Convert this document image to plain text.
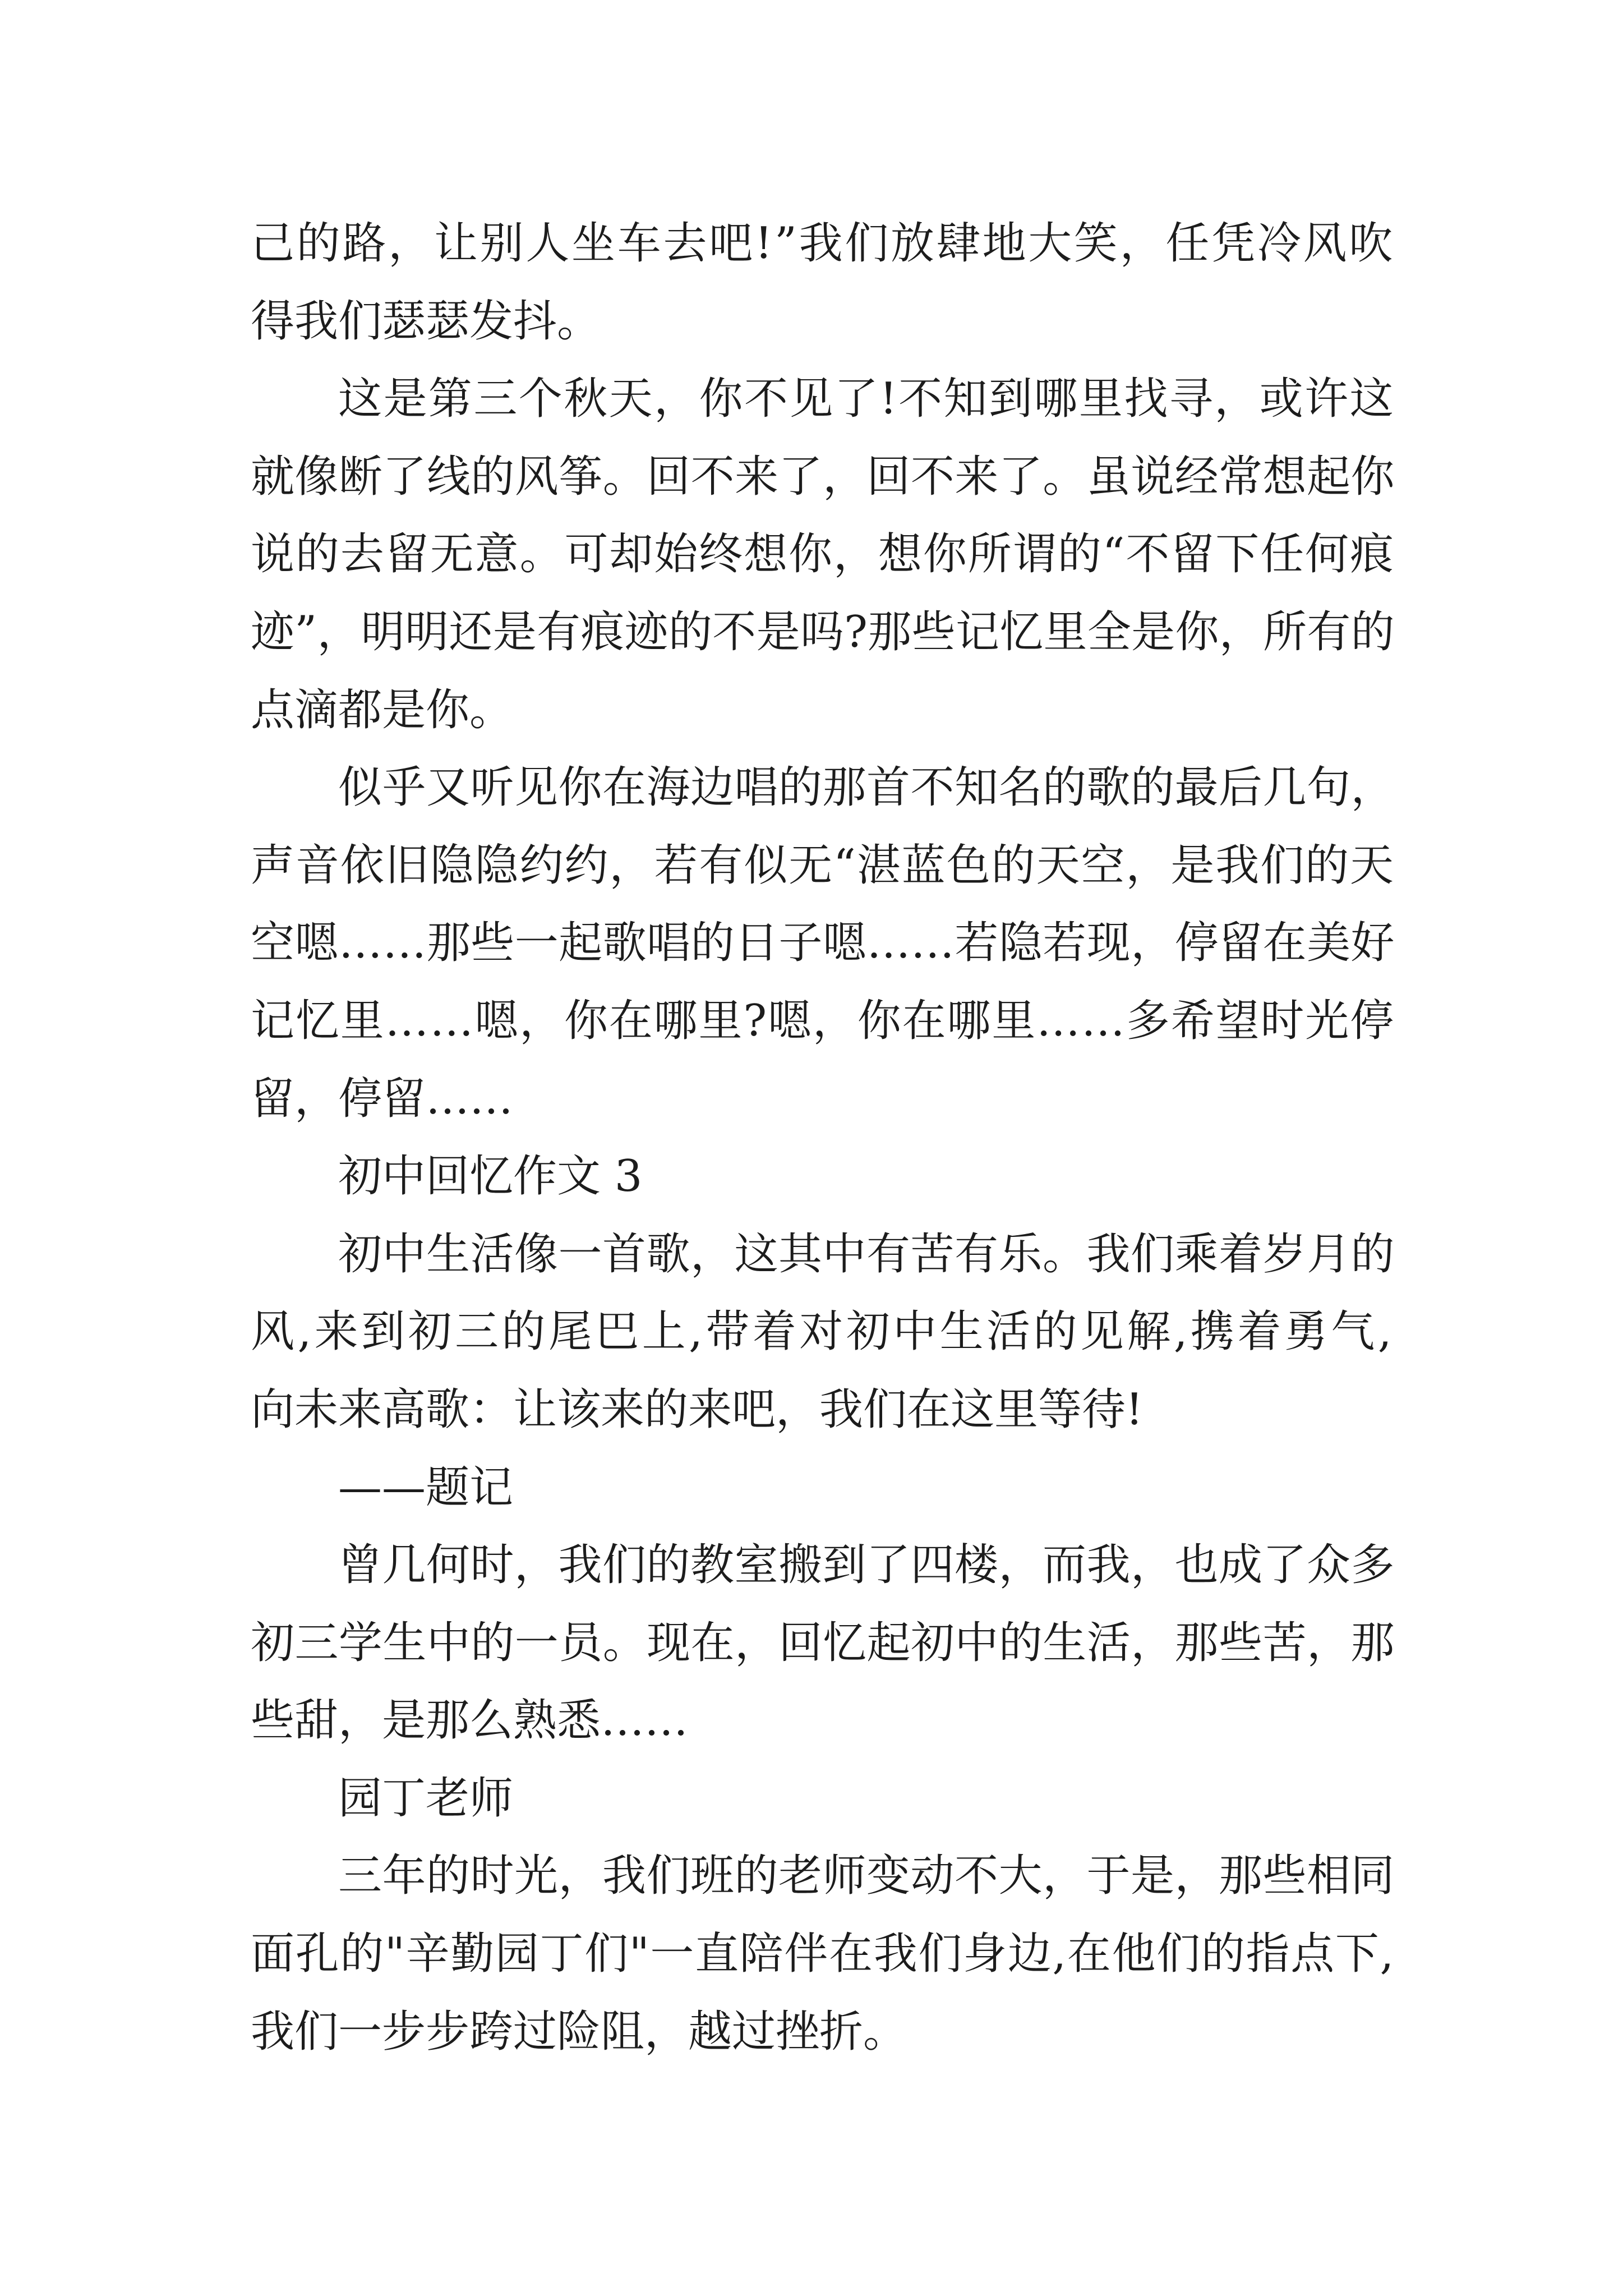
己的路，让别人坐车去吧!”我们放肆地大笑，任凭冷风吹
得我们瑟瑟发抖。
这是第三个秋天，你不见了!不知到哪里找寻，或许这
就像断了线的风筝。回不来了，回不来了。虽说经常想起你
说的去留无意。可却始终想你，想你所谓的“不留下任何痕
迹”，明明还是有痕迹的不是吗?那些记忆里全是你，所有的
点滴都是你。
似乎又听见你在海边唱的那首不知名的歌的最后几句，
声音依旧隐隐约约，若有似无“湛蓝色的天空，是我们的天
空嗯……那些一起歌唱的日子嗯……若隐若现，停留在美好
记忆里……嗯，你在哪里?嗯，你在哪里……多希望时光停
留，停留……
初中回忆作文 3
初中生活像一首歌，这其中有苦有乐。我们乘着岁月的
风,来到初三的尾巴上,带着对初中生活的见解,携着勇气,
向未来高歌：让该来的来吧，我们在这里等待!
——题记
曾几何时，我们的教室搬到了四楼，而我，也成了众多
初三学生中的一员。现在，回忆起初中的生活，那些苦，那
些甜，是那么熟悉……
园丁老师
三年的时光，我们班的老师变动不大，于是，那些相同
面孔的"辛勤园丁们"一直陪伴在我们身边,在他们的指点下,
我们一步步跨过险阻，越过挫折。
